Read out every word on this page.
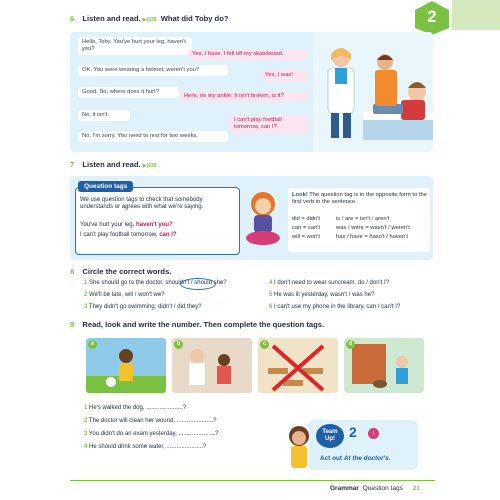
2
6 Listen and read. ▶)038 What did Toby do?
Hello, Toby. You've hurt your leg, haven't you?
Yes, I have. I fell off my skateboard.
OK. You were wearing a helmet, weren't you?
Yes, I was!
Good. So, where does it hurt?
Here, on my ankle. It isn't broken, is it?
No, it isn't.
I can't play football tomorrow, can I?
No, I'm sorry. You need to rest for two weeks.
7 Listen and read. ▶)039
Question tags
We use question tags to check that somebody understands or agrees with what we're saying.
You've hurt your leg, haven't you?
I can't play football tomorrow, can I?
Look! The question tag is in the opposite form to the first verb in the sentence.
did = didn't	is / are = isn't / aren't
can = can't	was / were = wasn't / weren't
will = won't	has / have = hasn't / haven't
8 Circle the correct words.
1 She should go to the doctor, shouldn't / should she?
2 We'll be late, will / won't we?
3 They didn't go swimming, didn't / did they?
4 I don't need to wear suncream, do / don't I?
5 He was ill yesterday, wasn't / was he?
6 I can't use my phone in the library, can / can't I?
9 Read, look and write the number. Then complete the question tags.
a	b	c	d
1 He's walked the dog, ......................?
2 The doctor will clean her wound, ......................?
3 You didn't do an exam yesterday, ......................?
4 He should drink some water, ......................?
Team
Up!	2	↓
Act out At the doctor's.
Grammar Question tags 21
